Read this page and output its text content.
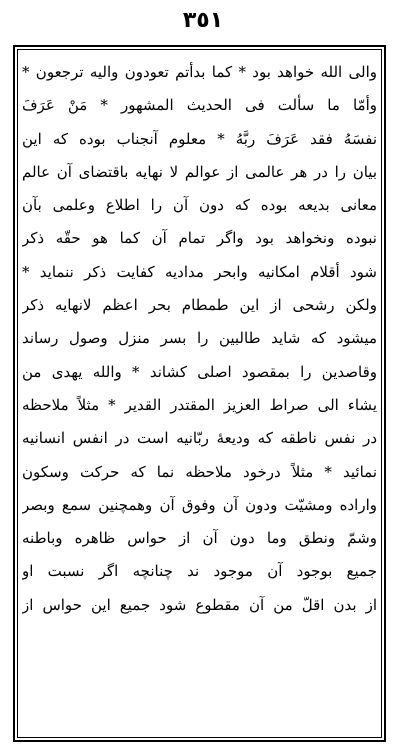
٣٥١
والى الله خواهد بود * کما بدأتم تعودون والیه ترجعون *
وأمّا ما سألت فی الحدیث المشهور * مَنْ عَرَفَ
نفسَهُ فقد عَرَفَ ربَّهُ * معلوم آنجناب بوده که این
بیان را در هر عالمی از عوالم لا نهایه باقتضای آن عالم
معانی بدیعه بوده که دون آن را اطلاع وعلمی بآن
نبوده ونخواهد بود واگر تمام آن کما هو حقّه ذکر
شود أقلام امکانیه وابحر مدادیه کفایت ذکر ننماید *
ولکن رشحی از این طمطام بحر اعظم لانهایه ذکر
میشود که شاید طالبین را بسر منزل وصول رساند
وقاصدین را بمقصود اصلی کشاند * والله یهدی من
یشاء الی صراط العزیز المقتدر القدیر * مثلاً ملاحظه
در نفس ناطقه که ودیعهٔ ربّانیه است در انفس انسانیه
نمائید * مثلاً درخود ملاحظه نما که حرکت وسکون
واراده ومشیّت ودون آن وفوق آن وهمچنین سمع وبصر
وشمّ ونطق وما دون آن از حواس ظاهره وباطنه
جمیع بوجود آن موجود ند چنانچه اگر نسبت او
از بدن اقلّ من آن مقطوع شود جمیع این حواس از
